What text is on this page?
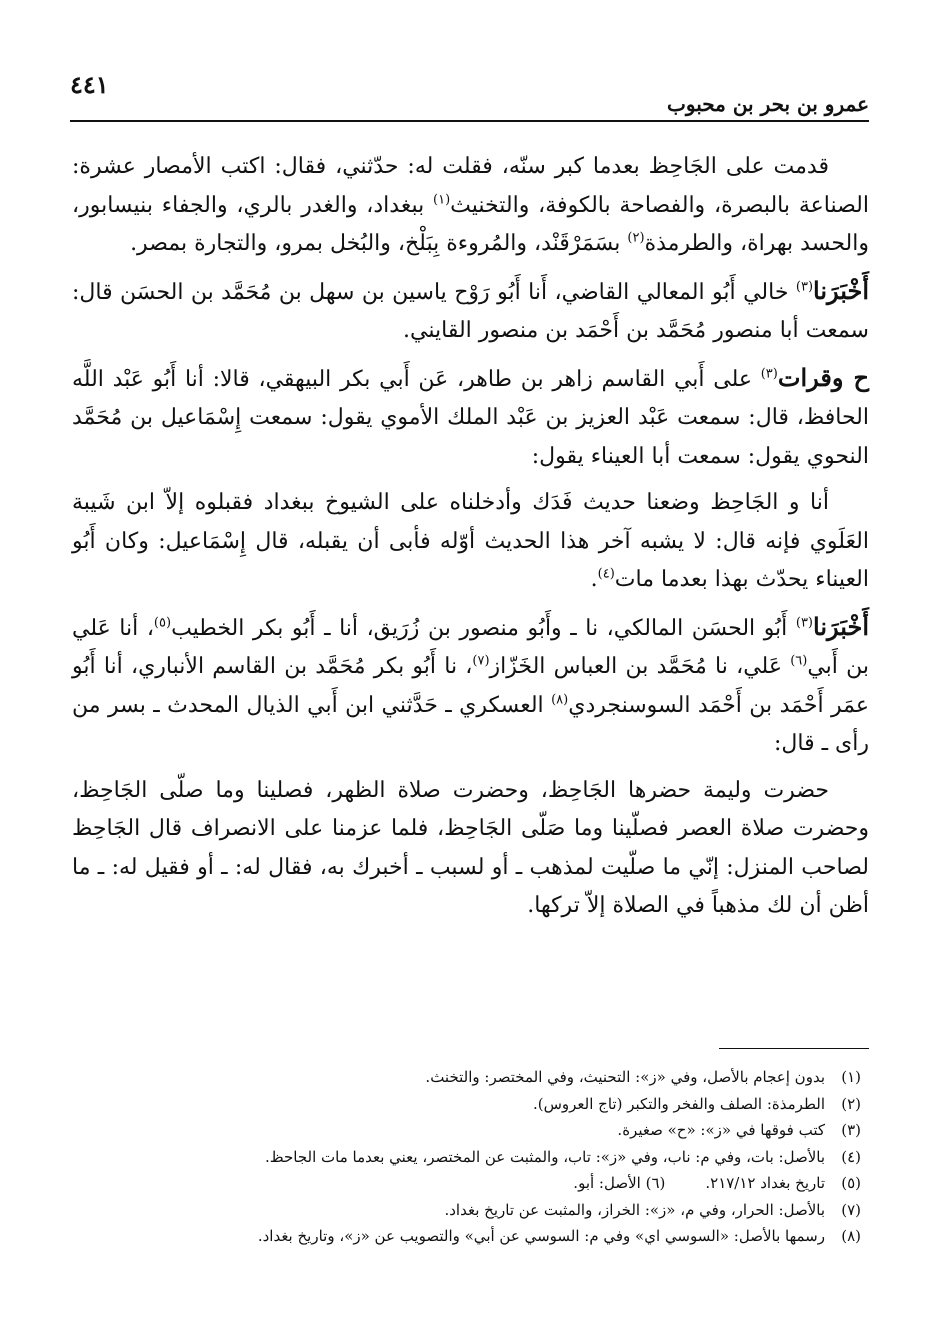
٤٤١
عمرو بن بحر بن محبوب

قدمت على الجَاحِظ بعدما كبر سنّه، فقلت له: حدّثني، فقال: اكتب الأمصار عشرة: الصناعة بالبصرة، والفصاحة بالكوفة، والتخنيث$^{(١)}$ ببغداد، والغدر بالري، والجفاء بنيسابور، والحسد بهراة، والطرمذة$^{(٢)}$ بسَمَرْقَنْد، والمُروءة بِبَلْخ، والبُخل بمرو، والتجارة بمصر.

أَخْبَرَنا$^{(٣)}$ خالي أَبُو المعالي القاضي، أَنا أَبُو رَوْح ياسين بن سهل بن مُحَمَّد بن الحسَن قال: سمعت أبا منصور مُحَمَّد بن أَحْمَد بن منصور القايني.

ح وقرات$^{(٣)}$ على أَبي القاسم زاهر بن طاهر، عَن أَبي بكر البيهقي، قالا: أنا أَبُو عَبْد اللَّه الحافظ، قال: سمعت عَبْد العزيز بن عَبْد الملك الأموي يقول: سمعت إِسْمَاعيل بن مُحَمَّد النحوي يقول: سمعت أبا العيناء يقول:

أنا و الجَاحِظ وضعنا حديث فَدَك وأدخلناه على الشيوخ ببغداد فقبلوه إلاّ ابن شَيبة العَلَوي فإنه قال: لا يشبه آخر هذا الحديث أوّله فأبى أن يقبله، قال إِسْمَاعيل: وكان أَبُو العيناء يحدّث بهذا بعدما مات$^{(٤)}$.

أَخْبَرَنا$^{(٣)}$ أَبُو الحسَن المالكي، نا ـ وأَبُو منصور بن زُرَيق، أنا ـ أَبُو بكر الخطيب$^{(٥)}$، أنا عَلي بن أَبي$^{(٦)}$ عَلي، نا مُحَمَّد بن العباس الخَزّاز$^{(٧)}$، نا أَبُو بكر مُحَمَّد بن القاسم الأنباري، أنا أَبُو عمَر أَحْمَد بن أَحْمَد السوسنجردي$^{(٨)}$ العسكري ـ حَدَّثني ابن أَبي الذيال المحدث ـ بسر من رأى ـ قال:

حضرت وليمة حضرها الجَاحِظ، وحضرت صلاة الظهر، فصلينا وما صلّى الجَاحِظ، وحضرت صلاة العصر فصلّينا وما صَلّى الجَاحِظ، فلما عزمنا على الانصراف قال الجَاحِظ لصاحب المنزل: إنّي ما صلّيت لمذهب ـ أو لسبب ـ أخبرك به، فقال له: ـ أو فقيل له: ـ ما أظن أن لك مذهباً في الصلاة إلاّ تركها.

(١)بدون إعجام بالأصل، وفي «ز»: التحنيث، وفي المختصر: والتخنث.
(٢)الطرمذة: الصلف والفخر والتكبر (تاج العروس).
(٣)كتب فوقها في «ز»: «ح» صغيرة.
(٤)بالأصل: بات، وفي م: ناب، وفي «ز»: تاب، والمثبت عن المختصر، يعني بعدما مات الجاحظ.
(٥)تاريخ بغداد ٢١٧/١٢.(٦) الأصل: أبو.
(٧)بالأصل: الحرار، وفي م، «ز»: الخراز، والمثبت عن تاريخ بغداد.
(٨)رسمها بالأصل: «السوسي اي» وفي م: السوسي عن أبي» والتصويب عن «ز»، وتاريخ بغداد.
